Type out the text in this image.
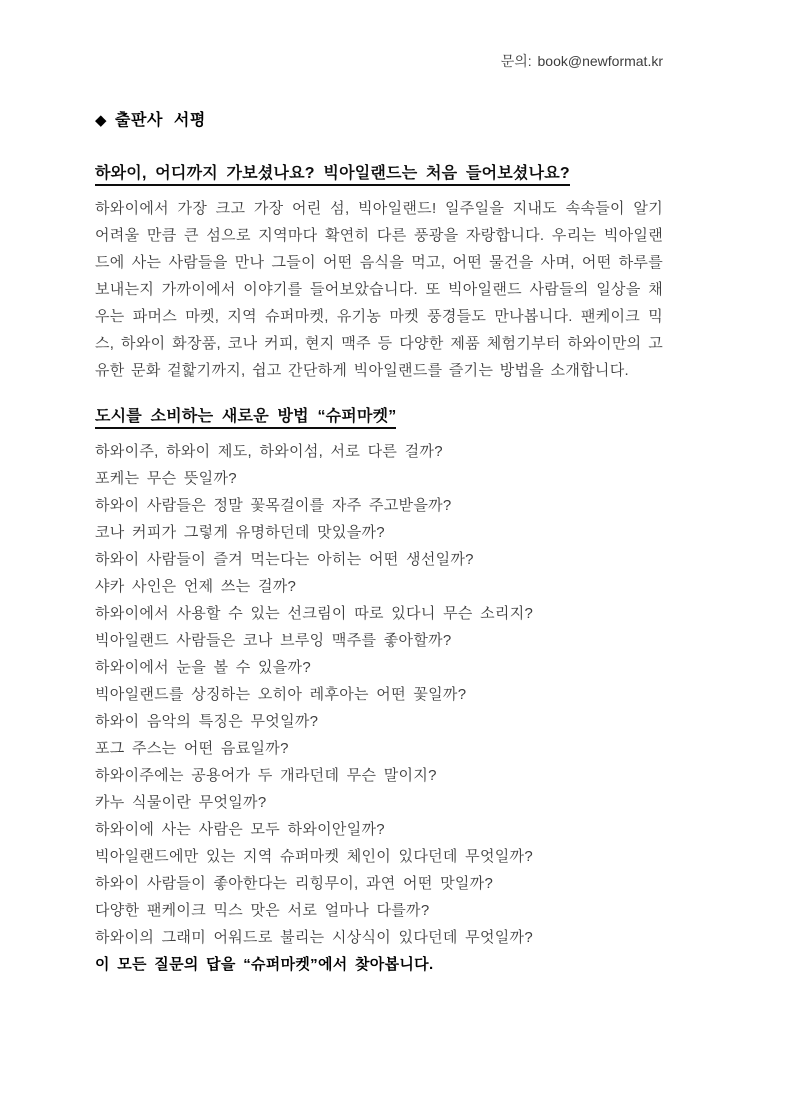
문의: book@newformat.kr
◆ 출판사 서평
하와이, 어디까지 가보셨나요? 빅아일랜드는 처음 들어보셨나요?

하와이에서 가장 크고 가장 어린 섬, 빅아일랜드! 일주일을 지내도 속속들이 알기 어려울 만큼 큰 섬으로 지역마다 확연히 다른 풍광을 자랑합니다. 우리는 빅아일랜드에 사는 사람들을 만나 그들이 어떤 음식을 먹고, 어떤 물건을 사며, 어떤 하루를 보내는지 가까이에서 이야기를 들어보았습니다. 또 빅아일랜드 사람들의 일상을 채우는 파머스 마켓, 지역 슈퍼마켓, 유기농 마켓 풍경들도 만나봅니다. 팬케이크 믹스, 하와이 화장품, 코나 커피, 현지 맥주 등 다양한 제품 체험기부터 하와이만의 고유한 문화 겉핥기까지, 쉽고 간단하게 빅아일랜드를 즐기는 방법을 소개합니다.

도시를 소비하는 새로운 방법 “슈퍼마켓”

하와이주, 하와이 제도, 하와이섬, 서로 다른 걸까?

포케는 무슨 뜻일까?

하와이 사람들은 정말 꽃목걸이를 자주 주고받을까?

코나 커피가 그렇게 유명하던데 맛있을까?

하와이 사람들이 즐겨 먹는다는 아히는 어떤 생선일까?

샤카 사인은 언제 쓰는 걸까?

하와이에서 사용할 수 있는 선크림이 따로 있다니 무슨 소리지?

빅아일랜드 사람들은 코나 브루잉 맥주를 좋아할까?

하와이에서 눈을 볼 수 있을까?

빅아일랜드를 상징하는 오히아 레후아는 어떤 꽃일까?

하와이 음악의 특징은 무엇일까?

포그 주스는 어떤 음료일까?

하와이주에는 공용어가 두 개라던데 무슨 말이지?

카누 식물이란 무엇일까?

하와이에 사는 사람은 모두 하와이안일까?

빅아일랜드에만 있는 지역 슈퍼마켓 체인이 있다던데 무엇일까?

하와이 사람들이 좋아한다는 리힝무이, 과연 어떤 맛일까?

다양한 팬케이크 믹스 맛은 서로 얼마나 다를까?

하와이의 그래미 어워드로 불리는 시상식이 있다던데 무엇일까?

이 모든 질문의 답을 “슈퍼마켓”에서 찾아봅니다.
